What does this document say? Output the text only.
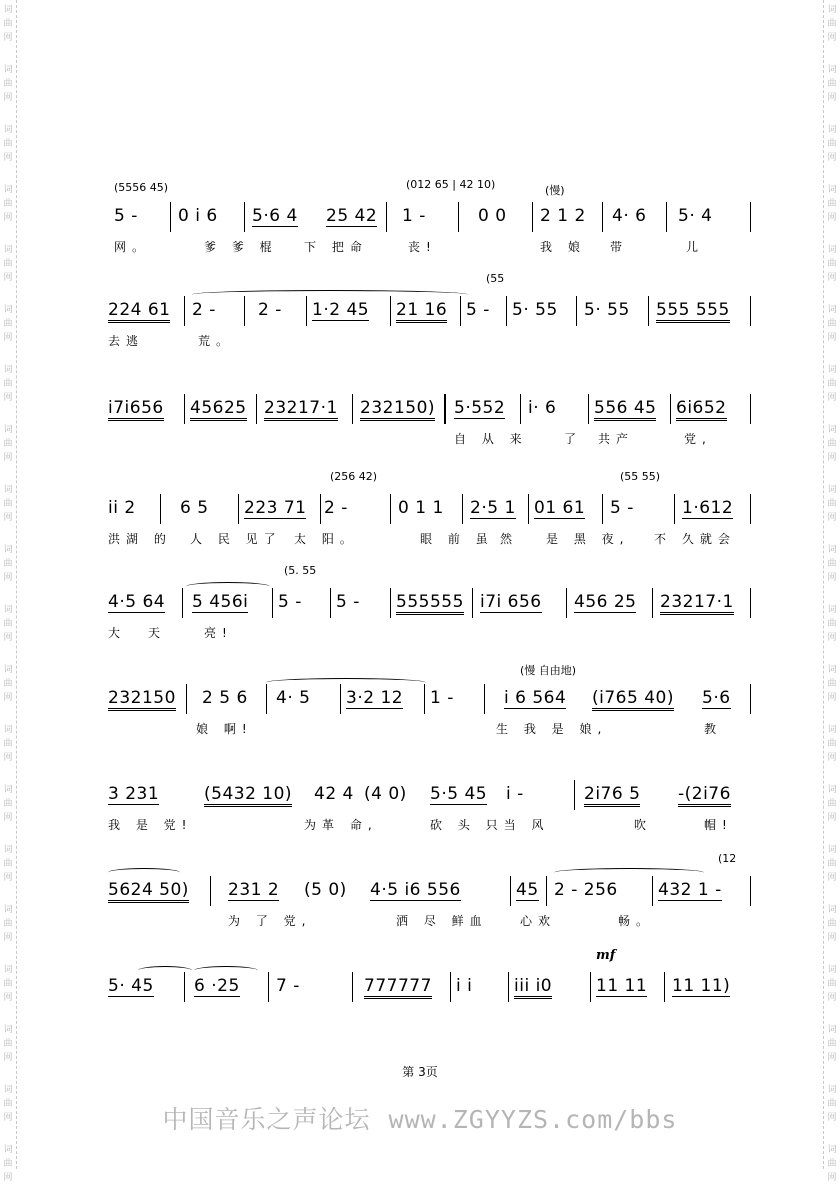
词
曲
网
词
曲
网
词
曲
网
词
曲
网
词
曲
网
词
曲
网
词
曲
网
词
曲
网
词
曲
网
词
曲
网
词
曲
网
词
曲
网
词
曲
网
词
曲
网
词
曲
网
词
曲
网
词
曲
网
词
曲
网
词
曲
网
词
曲
网
词
曲
网
词
曲
网
词
曲
网
词
曲
网
词
曲
网
词
曲
网
词
曲
网
词
曲
网
词
曲
网
词
曲
网
词
曲
网
词
曲
网
词
曲
网
词
曲
网
词
曲
网
词
曲
网
词
曲
网
词
曲
网
词
曲
网
词
曲
网
(5556 45)	(012 65 | 42 10)	(慢)
5 - 0 i 6 5·6 4 25 42 1 -	0 0 2 1 2 4· 6 5· 4
网。	爹 爹 棍 下 把命	丧!	我 娘 带	儿
(55
224 61 2 - 2 - 1·2 45 21 16 5 - 5· 55 5· 55 555 555
去逃	荒。
i7i656 45625 23217·1 232150) 5·552 i· 6 556 45 6i652
自 从 来	了 共产	党,
(256 42)	(55 55)
ii 2	6 5 223 71 2 -	0 1 1 2·5 1 01 61 5 -	1·612
洪湖 的 人 民 见了 太 阳。	眼 前 虽 然 是 黑 夜, 不 久就会
(5. 55
4·5 64 5 456i 5 - 5 - 555555 i7i 656 456 25 23217·1
大 天	亮!
(慢 自由地)
232150 2 5 6 4· 5 3·2 12 1 -	i 6 564 (i765 40) 5·6
娘 啊!	生 我 是 娘,	教
3 231	(5432 10) 42 4 (4 0) 5·5 45 i -	2i76 5 -(2i76
我 是 党!	为革 命,	砍 头 只当 风	吹	帽!
(12
5624 50) 231 2 (5 0) 4·5 i6 556	45 2 - 256 432 1 -
为 了 党,	洒 尽 鲜血	心欢	畅。
mf
5· 45 6 ·25 7 -	777777 i i iii i0	11 11 11 11)
第 3页
中国音乐之声论坛 www.ZGYYZS.com/bbs
